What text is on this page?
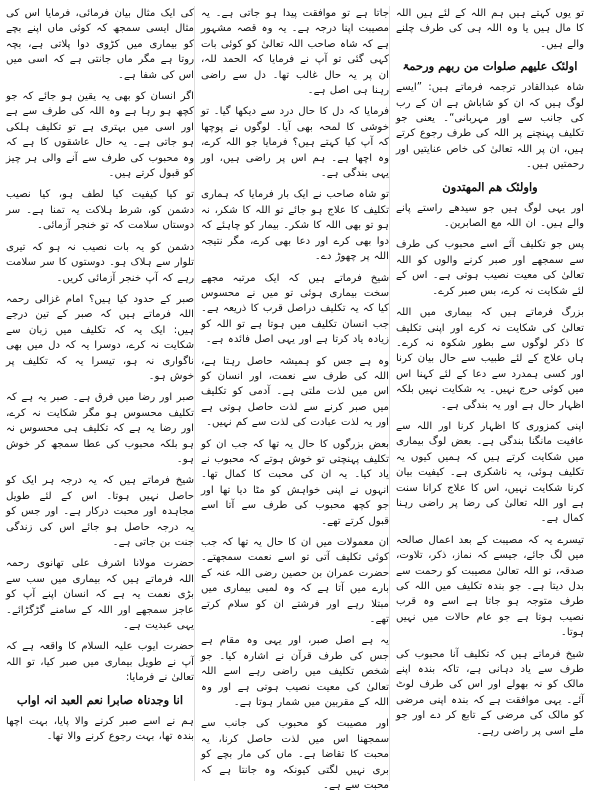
تو یوں کہتے ہیں ہم اللہ کے لئے ہیں اللہ کا مال ہیں یا وہ اللہ ہی کی طرف چلنے والے ہیں۔

اولئک علیھم صلوات من ربھم ورحمۃ

شاہ عبدالقادر ترجمہ فرماتے ہیں: ”ایسے لوگ ہیں کہ ان کو شاباش ہے ان کے رب کی جانب سے اور مہربانی“۔ یعنی جو تکلیف پہنچنے پر اللہ کی طرف رجوع کرتے ہیں، ان پر اللہ تعالیٰ کی خاص عنایتیں اور رحمتیں ہیں۔

واولئک ھم المھتدون

اور یہی لوگ ہیں جو سیدھے راستے پانے والے ہیں۔ ان اللہ مع الصابرین۔

پس جو تکلیف آئے اسے محبوب کی طرف سے سمجھے اور صبر کرنے والوں کو اللہ تعالیٰ کی معیت نصیب ہوتی ہے۔ اس کے لئے شکایت نہ کرے، بس صبر کرے۔

بزرگ فرماتے ہیں کہ بیماری میں اللہ تعالیٰ کی شکایت نہ کرے اور اپنی تکلیف کا ذکر لوگوں سے بطور شکوہ نہ کرے۔ ہاں علاج کے لئے طبیب سے حال بیان کرنا اور کسی ہمدرد سے دعا کے لئے کہنا اس میں کوئی حرج نہیں۔ یہ شکایت نہیں بلکہ اظہار حال ہے اور یہ بندگی ہے۔

اپنی کمزوری کا اظہار کرنا اور اللہ سے عافیت مانگنا بندگی ہے۔ بعض لوگ بیماری میں شکایت کرتے ہیں کہ ہمیں کیوں یہ تکلیف ہوئی، یہ ناشکری ہے۔ کیفیت بیان کرنا شکایت نہیں، اس کا علاج کرانا سنت ہے اور اللہ تعالیٰ کی رضا پر راضی رہنا کمال ہے۔

تیسرے یہ کہ مصیبت کے بعد اعمال صالحہ میں لگ جائے، جیسے کہ نماز، ذکر، تلاوت، صدقہ، تو اللہ تعالیٰ مصیبت کو رحمت سے بدل دیتا ہے۔ جو بندہ تکلیف میں اللہ کی طرف متوجہ ہو جاتا ہے اسے وہ قرب نصیب ہوتا ہے جو عام حالات میں نہیں ہوتا۔

شیخ فرماتے ہیں کہ تکلیف آنا محبوب کی طرف سے یاد دہانی ہے، تاکہ بندہ اپنے مالک کو نہ بھولے اور اس کی طرف لوٹ آئے۔ یہی موافقت ہے کہ بندہ اپنی مرضی کو مالک کی مرضی کے تابع کر دے اور جو ملے اسی پر راضی رہے۔

جاتا ہے تو موافقت پیدا ہو جاتی ہے۔ یہ مصیبت اپنا درجہ ہے۔ یہ وہ قصہ مشہور ہے کہ شاہ صاحب اللہ تعالیٰ کو کوئی بات کہی گئی تو آپ نے فرمایا کہ الحمد للہ، ان پر یہ حال غالب تھا۔ دل سے راضی رہنا ہی اصل ہے۔

فرمایا کہ دل کا حال درد سے دیکھا گیا۔ تو خوشی کا لمحہ بھی آیا۔ لوگوں نے پوچھا کہ آپ کیا کہتے ہیں؟ فرمایا جو اللہ کرے، وہ اچھا ہے۔ ہم اس پر راضی ہیں، اور یہی بندگی ہے۔

تو شاہ صاحب نے ایک بار فرمایا کہ ہماری تکلیف کا علاج ہو جائے تو اللہ کا شکر، نہ ہو تو بھی اللہ کا شکر۔ بیمار کو چاہئے کہ دوا بھی کرے اور دعا بھی کرے، مگر نتیجہ اللہ پر چھوڑ دے۔

شیخ فرماتے ہیں کہ ایک مرتبہ مجھے سخت بیماری ہوئی تو میں نے محسوس کیا کہ یہ تکلیف دراصل قرب کا ذریعہ ہے۔ جب انسان تکلیف میں ہوتا ہے تو اللہ کو زیادہ یاد کرتا ہے اور یہی اصل فائدہ ہے۔

وہ ہے جس کو ہمیشہ حاصل رہتا ہے، اللہ کی طرف سے نعمت، اور انسان کو اس میں لذت ملتی ہے۔ آدمی کو تکلیف میں صبر کرنے سے لذت حاصل ہوتی ہے اور یہ لذت عبادت کی لذت سے کم نہیں۔

بعض بزرگوں کا حال یہ تھا کہ جب ان کو تکلیف پہنچتی تو خوش ہوتے کہ محبوب نے یاد کیا۔ یہ ان کی محبت کا کمال تھا۔ انہوں نے اپنی خواہش کو مٹا دیا تھا اور جو کچھ محبوب کی طرف سے آتا اسے قبول کرتے تھے۔

ان معمولات میں ان کا حال یہ تھا کہ جب کوئی تکلیف آتی تو اسے نعمت سمجھتے۔ حضرت عمران بن حصین رضی اللہ عنہ کے بارے میں آتا ہے کہ وہ لمبی بیماری میں مبتلا رہے اور فرشتے ان کو سلام کرتے تھے۔

یہ ہے اصل صبر، اور یہی وہ مقام ہے جس کی طرف قرآن نے اشارہ کیا۔ جو شخص تکلیف میں راضی رہے اسے اللہ تعالیٰ کی معیت نصیب ہوتی ہے اور وہ اللہ کے مقربین میں شمار ہوتا ہے۔

اور مصیبت کو محبوب کی جانب سے سمجھنا اس میں لذت حاصل کرنا، یہ محبت کا تقاضا ہے۔ ماں کی مار بچے کو بری نہیں لگتی کیونکہ وہ جانتا ہے کہ محبت سے ہے۔

کی ایک مثال بیان فرمائی، فرمایا اس کی مثال ایسی سمجھ کہ کوئی ماں اپنے بچے کو بیماری میں کڑوی دوا پلاتی ہے، بچہ روتا ہے مگر ماں جانتی ہے کہ اسی میں اس کی شفا ہے۔

اگر انسان کو بھی یہ یقین ہو جائے کہ جو کچھ ہو رہا ہے وہ اللہ کی طرف سے ہے اور اسی میں بہتری ہے تو تکلیف ہلکی ہو جاتی ہے۔ یہ حال عاشقوں کا ہے کہ وہ محبوب کی طرف سے آنے والی ہر چیز کو قبول کرتے ہیں۔

تو کیا کیفیت کیا لطف ہو، کیا نصیب دشمن کو، شرط ہلاکت یہ تمنا ہے۔ سر دوستاں سلامت کہ تو خنجر آزمائی۔

دشمن کو یہ بات نصیب نہ ہو کہ تیری تلوار سے ہلاک ہو۔ دوستوں کا سر سلامت رہے کہ آپ خنجر آزمائی کریں۔

صبر کے حدود کیا ہیں؟ امام غزالی رحمہ اللہ فرماتے ہیں کہ صبر کے تین درجے ہیں: ایک یہ کہ تکلیف میں زبان سے شکایت نہ کرے، دوسرا یہ کہ دل میں بھی ناگواری نہ ہو، تیسرا یہ کہ تکلیف پر خوش ہو۔

صبر اور رضا میں فرق ہے۔ صبر یہ ہے کہ تکلیف محسوس ہو مگر شکایت نہ کرے، اور رضا یہ ہے کہ تکلیف ہی محسوس نہ ہو بلکہ محبوب کی عطا سمجھ کر خوش ہو۔

شیخ فرماتے ہیں کہ یہ درجہ ہر ایک کو حاصل نہیں ہوتا۔ اس کے لئے طویل مجاہدہ اور محبت درکار ہے۔ اور جس کو یہ درجہ حاصل ہو جائے اس کی زندگی جنت بن جاتی ہے۔

حضرت مولانا اشرف علی تھانوی رحمہ اللہ فرماتے ہیں کہ بیماری میں سب سے بڑی نعمت یہ ہے کہ انسان اپنے آپ کو عاجز سمجھے اور اللہ کے سامنے گڑگڑائے۔ یہی عبدیت ہے۔

حضرت ایوب علیہ السلام کا واقعہ ہے کہ آپ نے طویل بیماری میں صبر کیا، تو اللہ تعالیٰ نے فرمایا:

انا وجدناہ صابرا نعم العبد انہ اواب

ہم نے اسے صبر کرنے والا پایا، بہت اچھا بندہ تھا، بہت رجوع کرنے والا تھا۔
